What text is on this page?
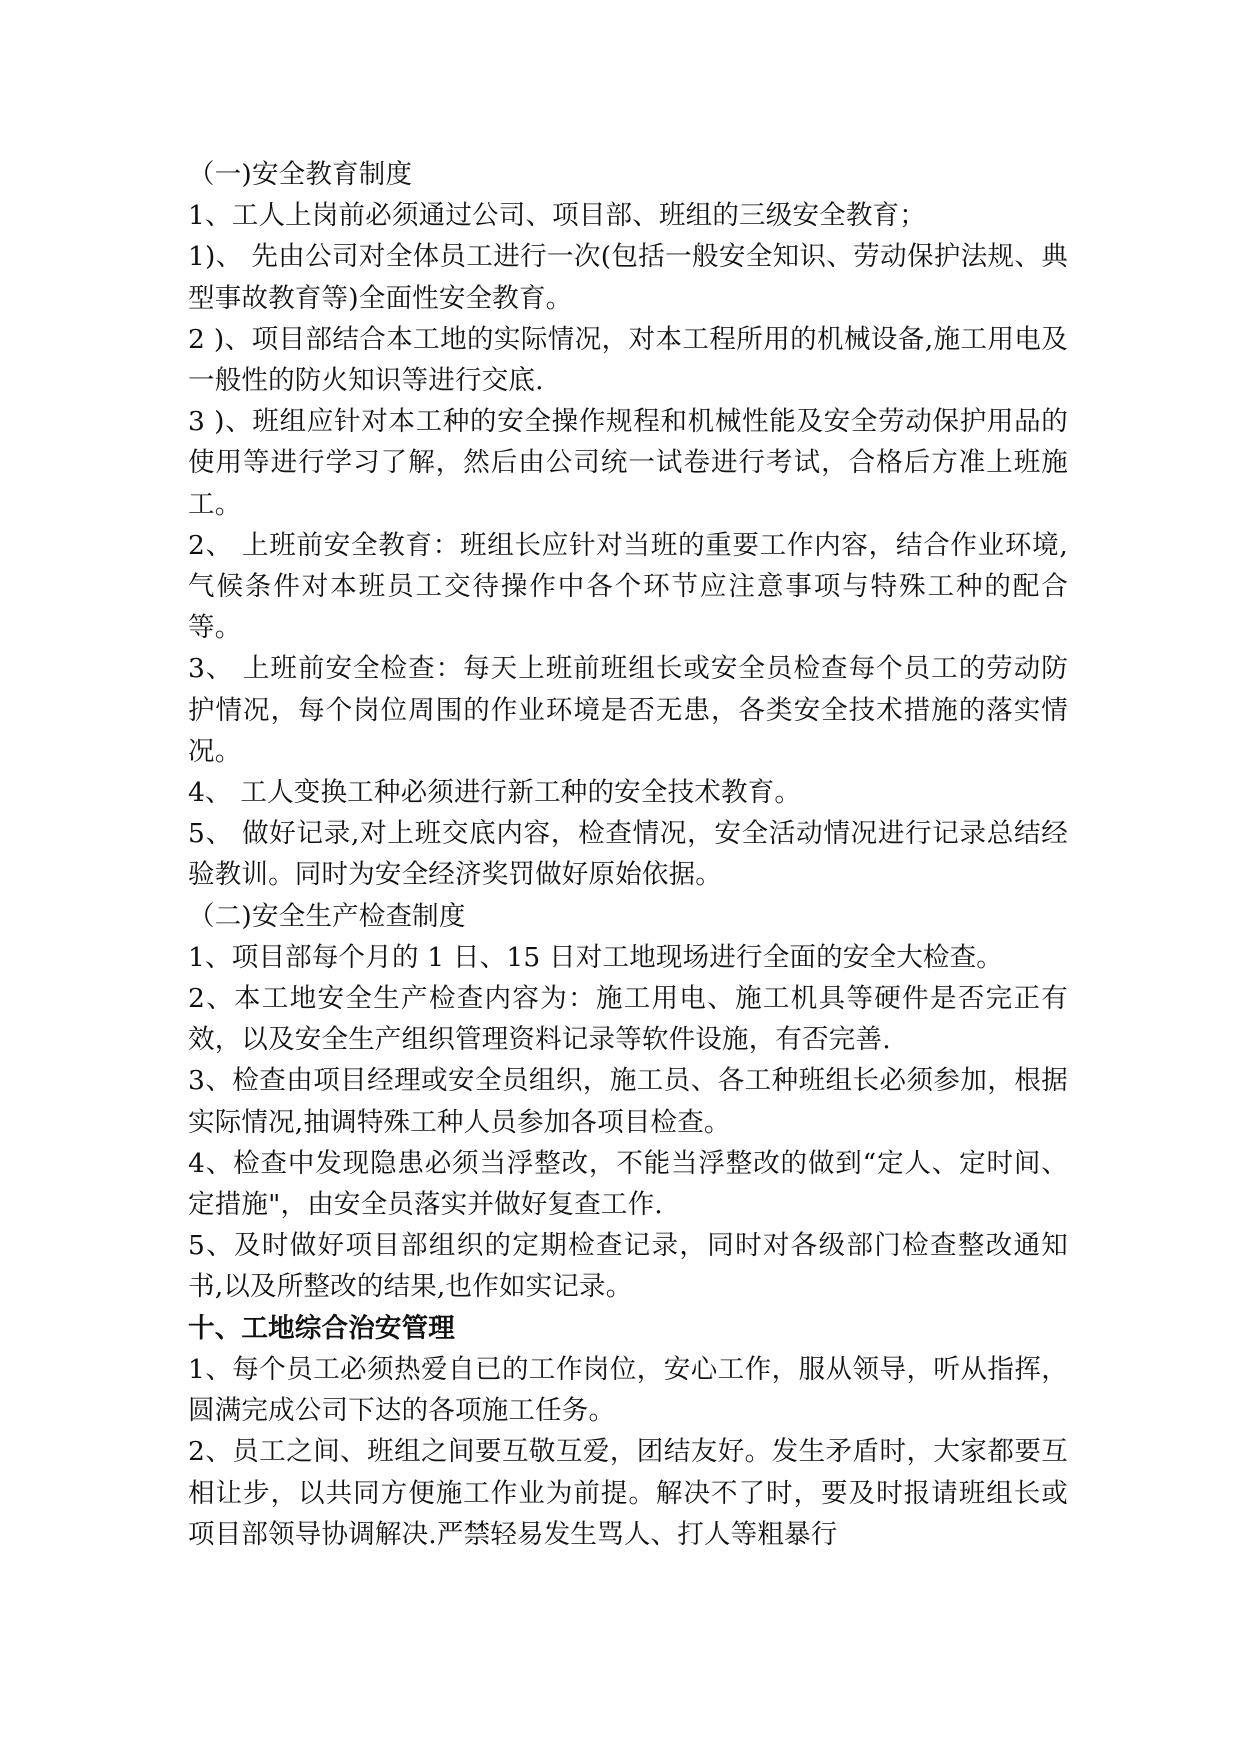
（一)安全教育制度

1、工人上岗前必须通过公司、项目部、班组的三级安全教育；

1)、 先由公司对全体员工进行一次(包括一般安全知识、劳动保护法规、典型事故教育等)全面性安全教育。

2 )、项目部结合本工地的实际情况，对本工程所用的机械设备,施工用电及一般性的防火知识等进行交底.

3 )、班组应针对本工种的安全操作规程和机械性能及安全劳动保护用品的使用等进行学习了解，然后由公司统一试卷进行考试，合格后方准上班施工。

2、 上班前安全教育：班组长应针对当班的重要工作内容，结合作业环境,气候条件对本班员工交待操作中各个环节应注意事项与特殊工种的配合等。

3、 上班前安全检查：每天上班前班组长或安全员检查每个员工的劳动防护情况，每个岗位周围的作业环境是否无患，各类安全技术措施的落实情况。

4、 工人变换工种必须进行新工种的安全技术教育。

5、 做好记录,对上班交底内容，检查情况，安全活动情况进行记录总结经验教训。同时为安全经济奖罚做好原始依据。

（二)安全生产检查制度

1、项目部每个月的 1 日、15 日对工地现场进行全面的安全大检查。

2、本工地安全生产检查内容为：施工用电、施工机具等硬件是否完正有效，以及安全生产组织管理资料记录等软件设施，有否完善.

3、检查由项目经理或安全员组织，施工员、各工种班组长必须参加，根据实际情况,抽调特殊工种人员参加各项目检查。

4、检查中发现隐患必须当浮整改，不能当浮整改的做到“定人、定时间、 定措施"，由安全员落实并做好复查工作.

5、及时做好项目部组织的定期检查记录，同时对各级部门检查整改通知书,以及所整改的结果,也作如实记录。

十、工地综合治安管理

1、每个员工必须热爱自已的工作岗位，安心工作，服从领导，听从指挥，圆满完成公司下达的各项施工任务。

2、员工之间、班组之间要互敬互爱，团结友好。发生矛盾时，大家都要互相让步，以共同方便施工作业为前提。解决不了时，要及时报请班组长或项目部领导协调解决.严禁轻易发生骂人、打人等粗暴行
